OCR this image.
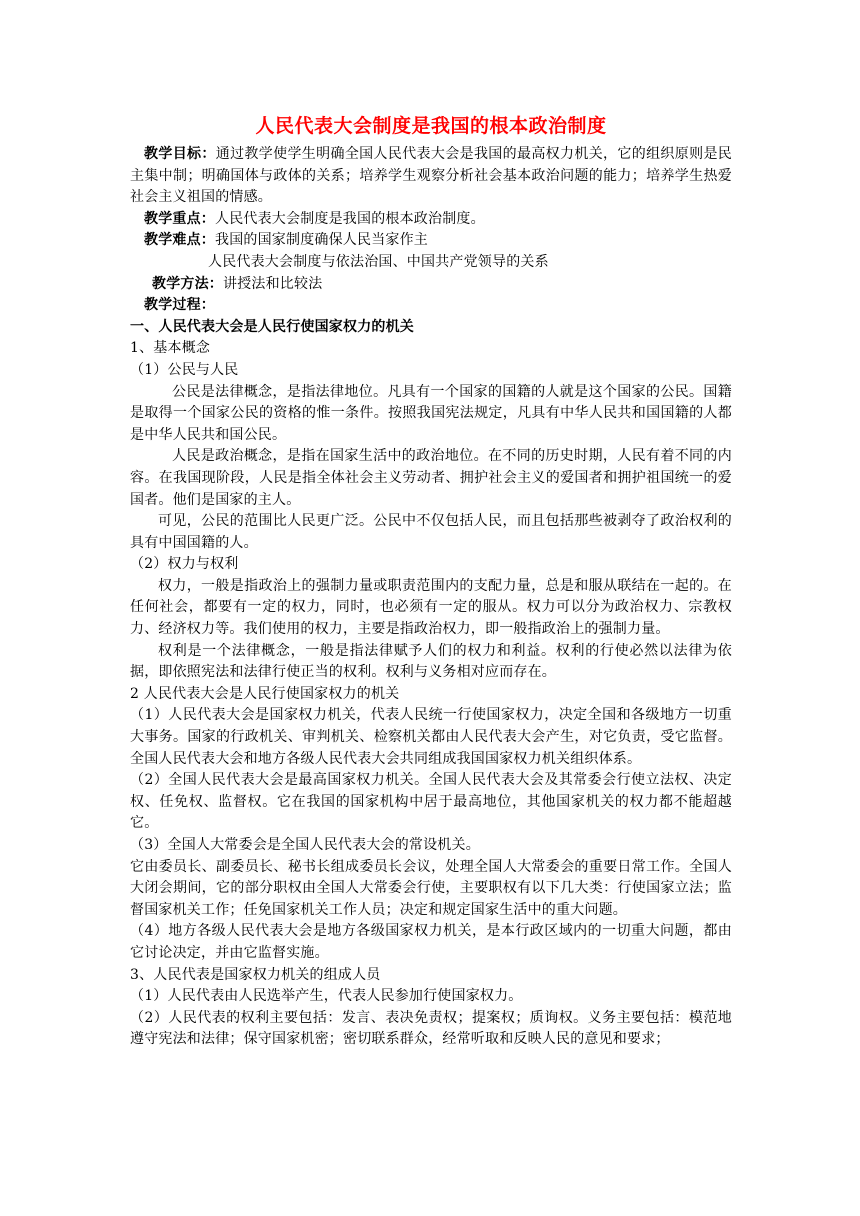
人民代表大会制度是我国的根本政治制度

教学目标：通过教学使学生明确全国人民代表大会是我国的最高权力机关，它的组织原则是民主集中制；明确国体与政体的关系；培养学生观察分析社会基本政治问题的能力；培养学生热爱社会主义祖国的情感。

教学重点：人民代表大会制度是我国的根本政治制度。

教学难点：我国的国家制度确保人民当家作主

人民代表大会制度与依法治国、中国共产党领导的关系

教学方法：讲授法和比较法

教学过程：

一、人民代表大会是人民行使国家权力的机关

1、基本概念

（1）公民与人民

公民是法律概念，是指法律地位。凡具有一个国家的国籍的人就是这个国家的公民。国籍是取得一个国家公民的资格的惟一条件。按照我国宪法规定，凡具有中华人民共和国国籍的人都是中华人民共和国公民。

人民是政治概念，是指在国家生活中的政治地位。在不同的历史时期，人民有着不同的内容。在我国现阶段，人民是指全体社会主义劳动者、拥护社会主义的爱国者和拥护祖国统一的爱国者。他们是国家的主人。

可见，公民的范围比人民更广泛。公民中不仅包括人民，而且包括那些被剥夺了政治权利的具有中国国籍的人。

（2）权力与权利

权力，一般是指政治上的强制力量或职责范围内的支配力量，总是和服从联结在一起的。在任何社会，都要有一定的权力，同时，也必须有一定的服从。权力可以分为政治权力、宗教权力、经济权力等。我们使用的权力，主要是指政治权力，即一般指政治上的强制力量。

权利是一个法律概念，一般是指法律赋予人们的权力和利益。权利的行使必然以法律为依据，即依照宪法和法律行使正当的权利。权利与义务相对应而存在。

2 人民代表大会是人民行使国家权力的机关

（1）人民代表大会是国家权力机关，代表人民统一行使国家权力，决定全国和各级地方一切重大事务。国家的行政机关、审判机关、检察机关都由人民代表大会产生，对它负责，受它监督。全国人民代表大会和地方各级人民代表大会共同组成我国国家权力机关组织体系。

（2）全国人民代表大会是最高国家权力机关。全国人民代表大会及其常委会行使立法权、决定权、任免权、监督权。它在我国的国家机构中居于最高地位，其他国家机关的权力都不能超越它。

（3）全国人大常委会是全国人民代表大会的常设机关。

它由委员长、副委员长、秘书长组成委员长会议，处理全国人大常委会的重要日常工作。全国人大闭会期间，它的部分职权由全国人大常委会行使，主要职权有以下几大类：行使国家立法；监督国家机关工作；任免国家机关工作人员；决定和规定国家生活中的重大问题。

（4）地方各级人民代表大会是地方各级国家权力机关，是本行政区域内的一切重大问题，都由它讨论决定，并由它监督实施。

3、人民代表是国家权力机关的组成人员

（1）人民代表由人民选举产生，代表人民参加行使国家权力。

（2）人民代表的权利主要包括：发言、表决免责权；提案权；质询权。义务主要包括：模范地遵守宪法和法律；保守国家机密；密切联系群众，经常听取和反映人民的意见和要求；
